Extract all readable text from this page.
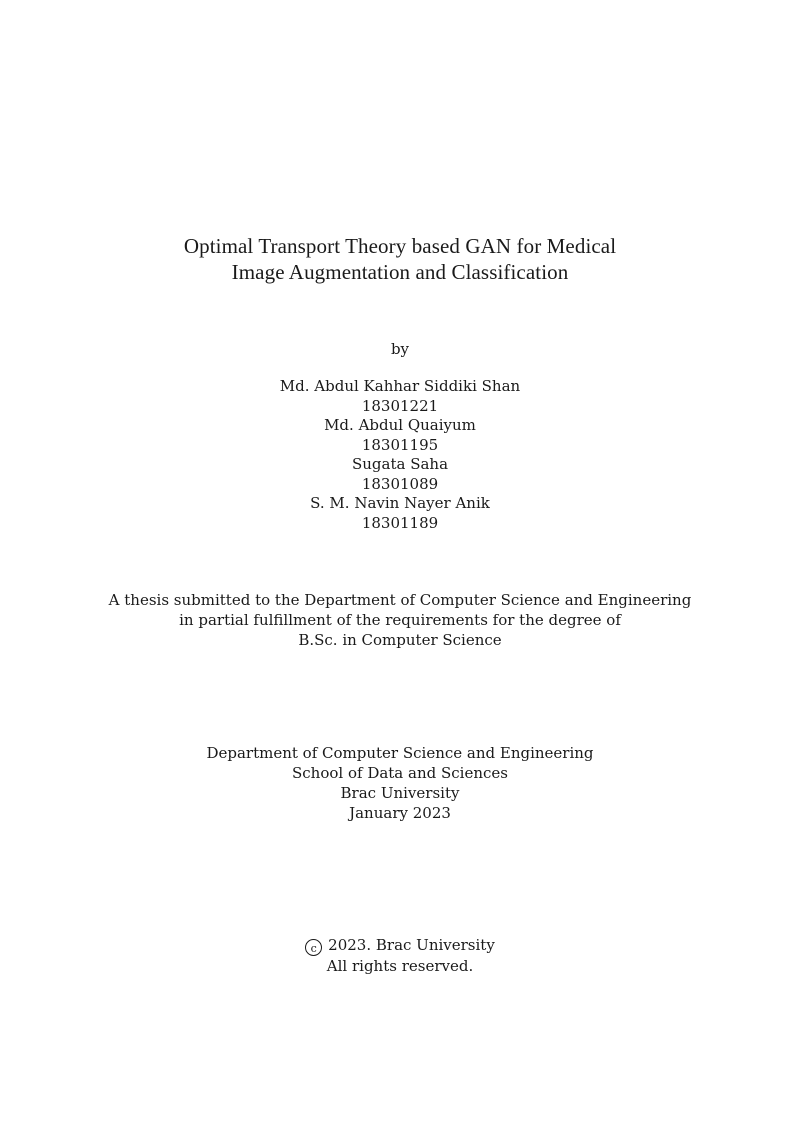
Optimal Transport Theory based GAN for Medical
Image Augmentation and Classification
by
Md. Abdul Kahhar Siddiki Shan
18301221
Md. Abdul Quaiyum
18301195
Sugata Saha
18301089
S. M. Navin Nayer Anik
18301189
A thesis submitted to the Department of Computer Science and Engineering
in partial fulfillment of the requirements for the degree of
B.Sc. in Computer Science
Department of Computer Science and Engineering
School of Data and Sciences
Brac University
January 2023
c 2023. Brac University
All rights reserved.
